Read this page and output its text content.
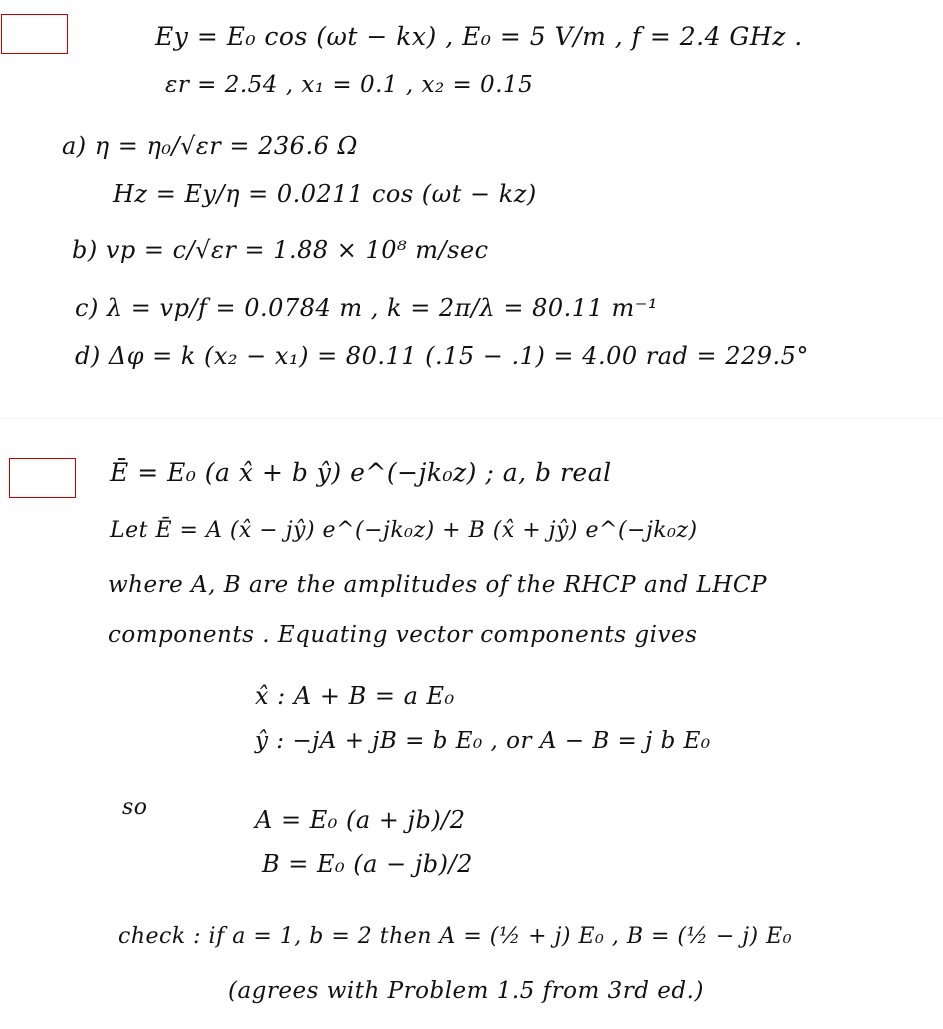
Ey = E₀ cos (ωt − kx) , E₀ = 5 V/m , f = 2.4 GHz .
εr = 2.54 , x₁ = 0.1 , x₂ = 0.15
a) η = η₀/√εr = 236.6 Ω
Hz = Ey/η = 0.0211 cos (ωt − kz)
b) vp = c/√εr = 1.88 × 10⁸ m/sec
c) λ = vp/f = 0.0784 m , k = 2π/λ = 80.11 m⁻¹
d) Δφ = k (x₂ − x₁) = 80.11 (.15 − .1) = 4.00 rad = 229.5°
Ē = E₀ (a x̂ + b ŷ) e^(−jk₀z) ; a, b real
Let Ē = A (x̂ − jŷ) e^(−jk₀z) + B (x̂ + jŷ) e^(−jk₀z)
where A, B are the amplitudes of the RHCP and LHCP
components . Equating vector components gives
x̂ : A + B = a E₀
ŷ : −jA + jB = b E₀ , or A − B = j b E₀
so	A = E₀ (a + jb)/2
B = E₀ (a − jb)/2
check : if a = 1, b = 2 then A = (½ + j) E₀ , B = (½ − j) E₀
(agrees with Problem 1.5 from 3rd ed.)
